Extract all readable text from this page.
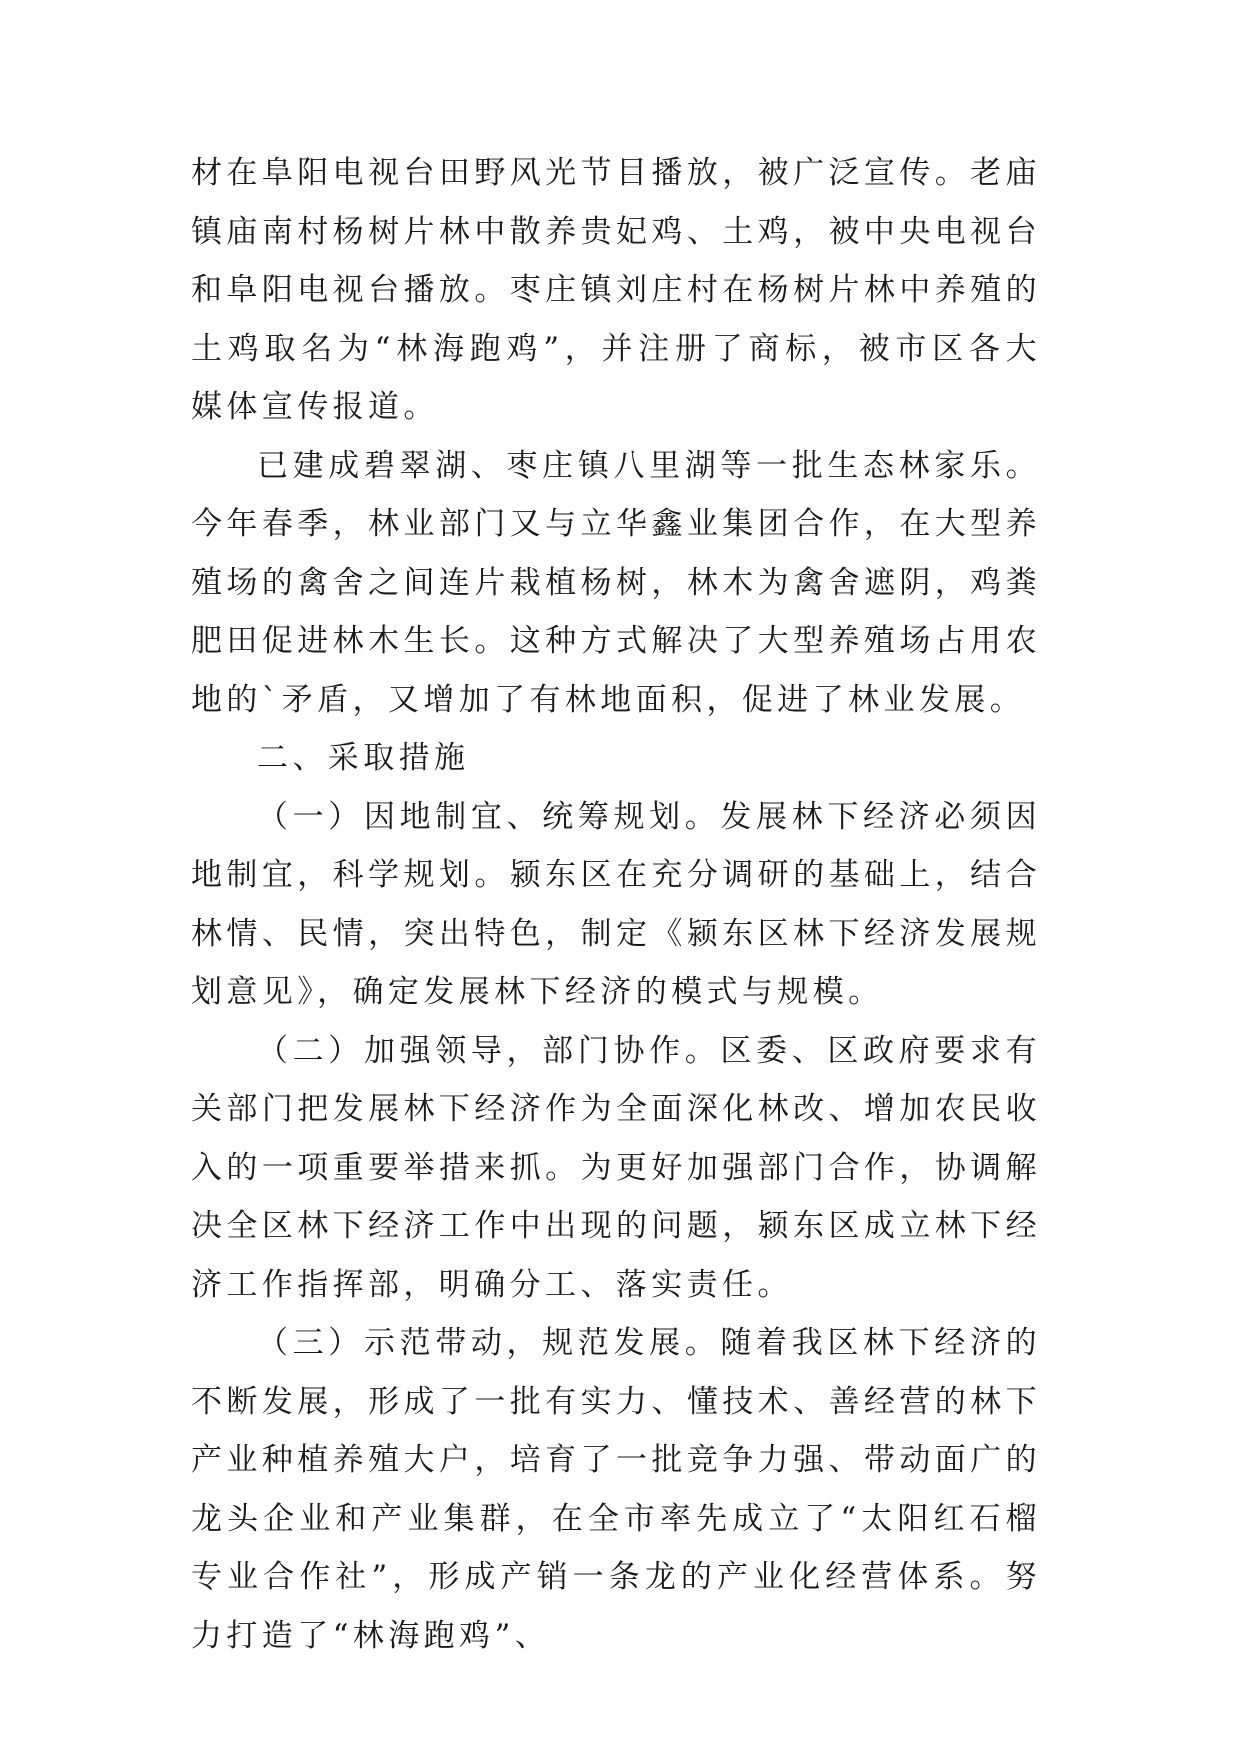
材在阜阳电视台田野风光节目播放，被广泛宣传。老庙镇庙南村杨树片林中散养贵妃鸡、土鸡，被中央电视台和阜阳电视台播放。枣庄镇刘庄村在杨树片林中养殖的土鸡取名为“林海跑鸡”，并注册了商标，被市区各大媒体宣传报道。

已建成碧翠湖、枣庄镇八里湖等一批生态林家乐。今年春季，林业部门又与立华鑫业集团合作，在大型养殖场的禽舍之间连片栽植杨树，林木为禽舍遮阴，鸡粪肥田促进林木生长。这种方式解决了大型养殖场占用农地的`矛盾，又增加了有林地面积，促进了林业发展。

二、采取措施

（一）因地制宜、统筹规划。发展林下经济必须因地制宜，科学规划。颍东区在充分调研的基础上，结合林情、民情，突出特色，制定《颍东区林下经济发展规划意见》，确定发展林下经济的模式与规模。

（二）加强领导，部门协作。区委、区政府要求有关部门把发展林下经济作为全面深化林改、增加农民收入的一项重要举措来抓。为更好加强部门合作，协调解决全区林下经济工作中出现的问题，颍东区成立林下经济工作指挥部，明确分工、落实责任。

（三）示范带动，规范发展。随着我区林下经济的不断发展，形成了一批有实力、懂技术、善经营的林下产业种植养殖大户，培育了一批竞争力强、带动面广的龙头企业和产业集群，在全市率先成立了“太阳红石榴专业合作社”，形成产销一条龙的产业化经营体系。努力打造了“林海跑鸡”、
